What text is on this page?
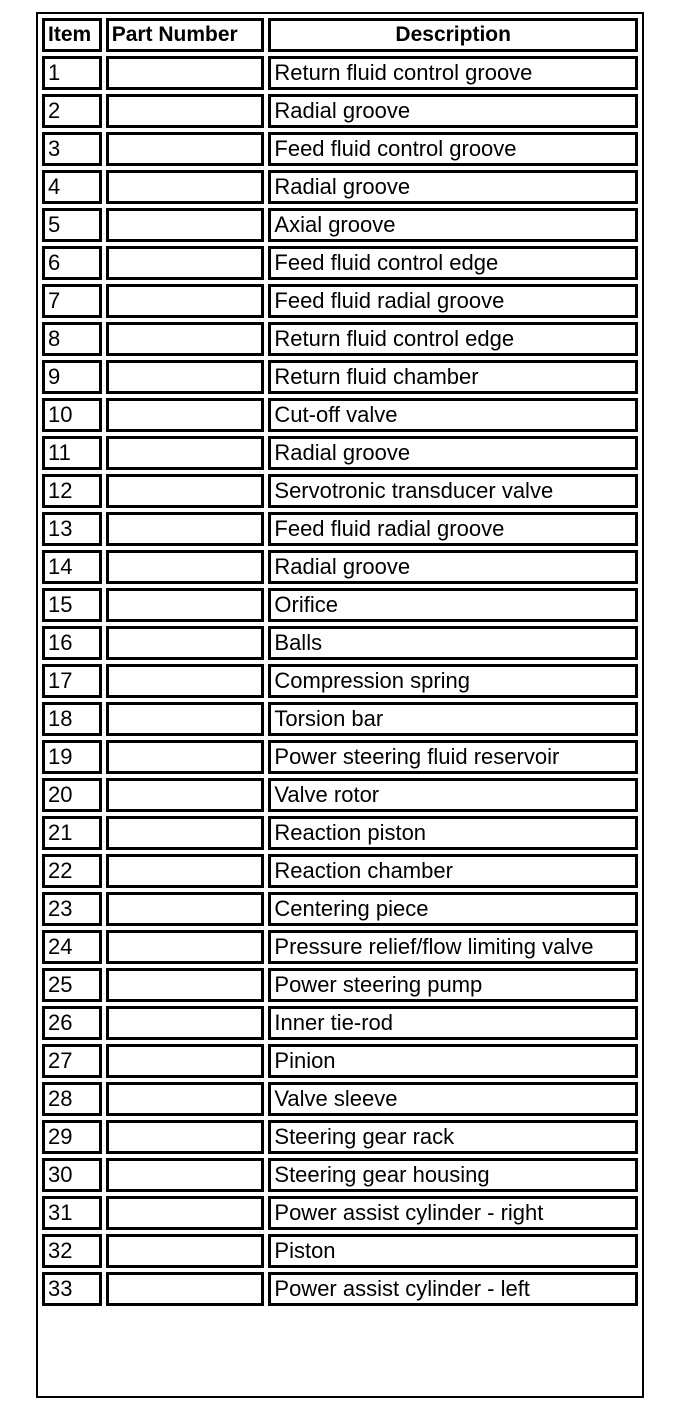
Item	Part Number	Description
1		Return fluid control groove
2		Radial groove
3		Feed fluid control groove
4		Radial groove
5		Axial groove
6		Feed fluid control edge
7		Feed fluid radial groove
8		Return fluid control edge
9		Return fluid chamber
10		Cut-off valve
11		Radial groove
12		Servotronic transducer valve
13		Feed fluid radial groove
14		Radial groove
15		Orifice
16		Balls
17		Compression spring
18		Torsion bar
19		Power steering fluid reservoir
20		Valve rotor
21		Reaction piston
22		Reaction chamber
23		Centering piece
24		Pressure relief/flow limiting valve
25		Power steering pump
26		Inner tie-rod
27		Pinion
28		Valve sleeve
29		Steering gear rack
30		Steering gear housing
31		Power assist cylinder - right
32		Piston
33		Power assist cylinder - left
